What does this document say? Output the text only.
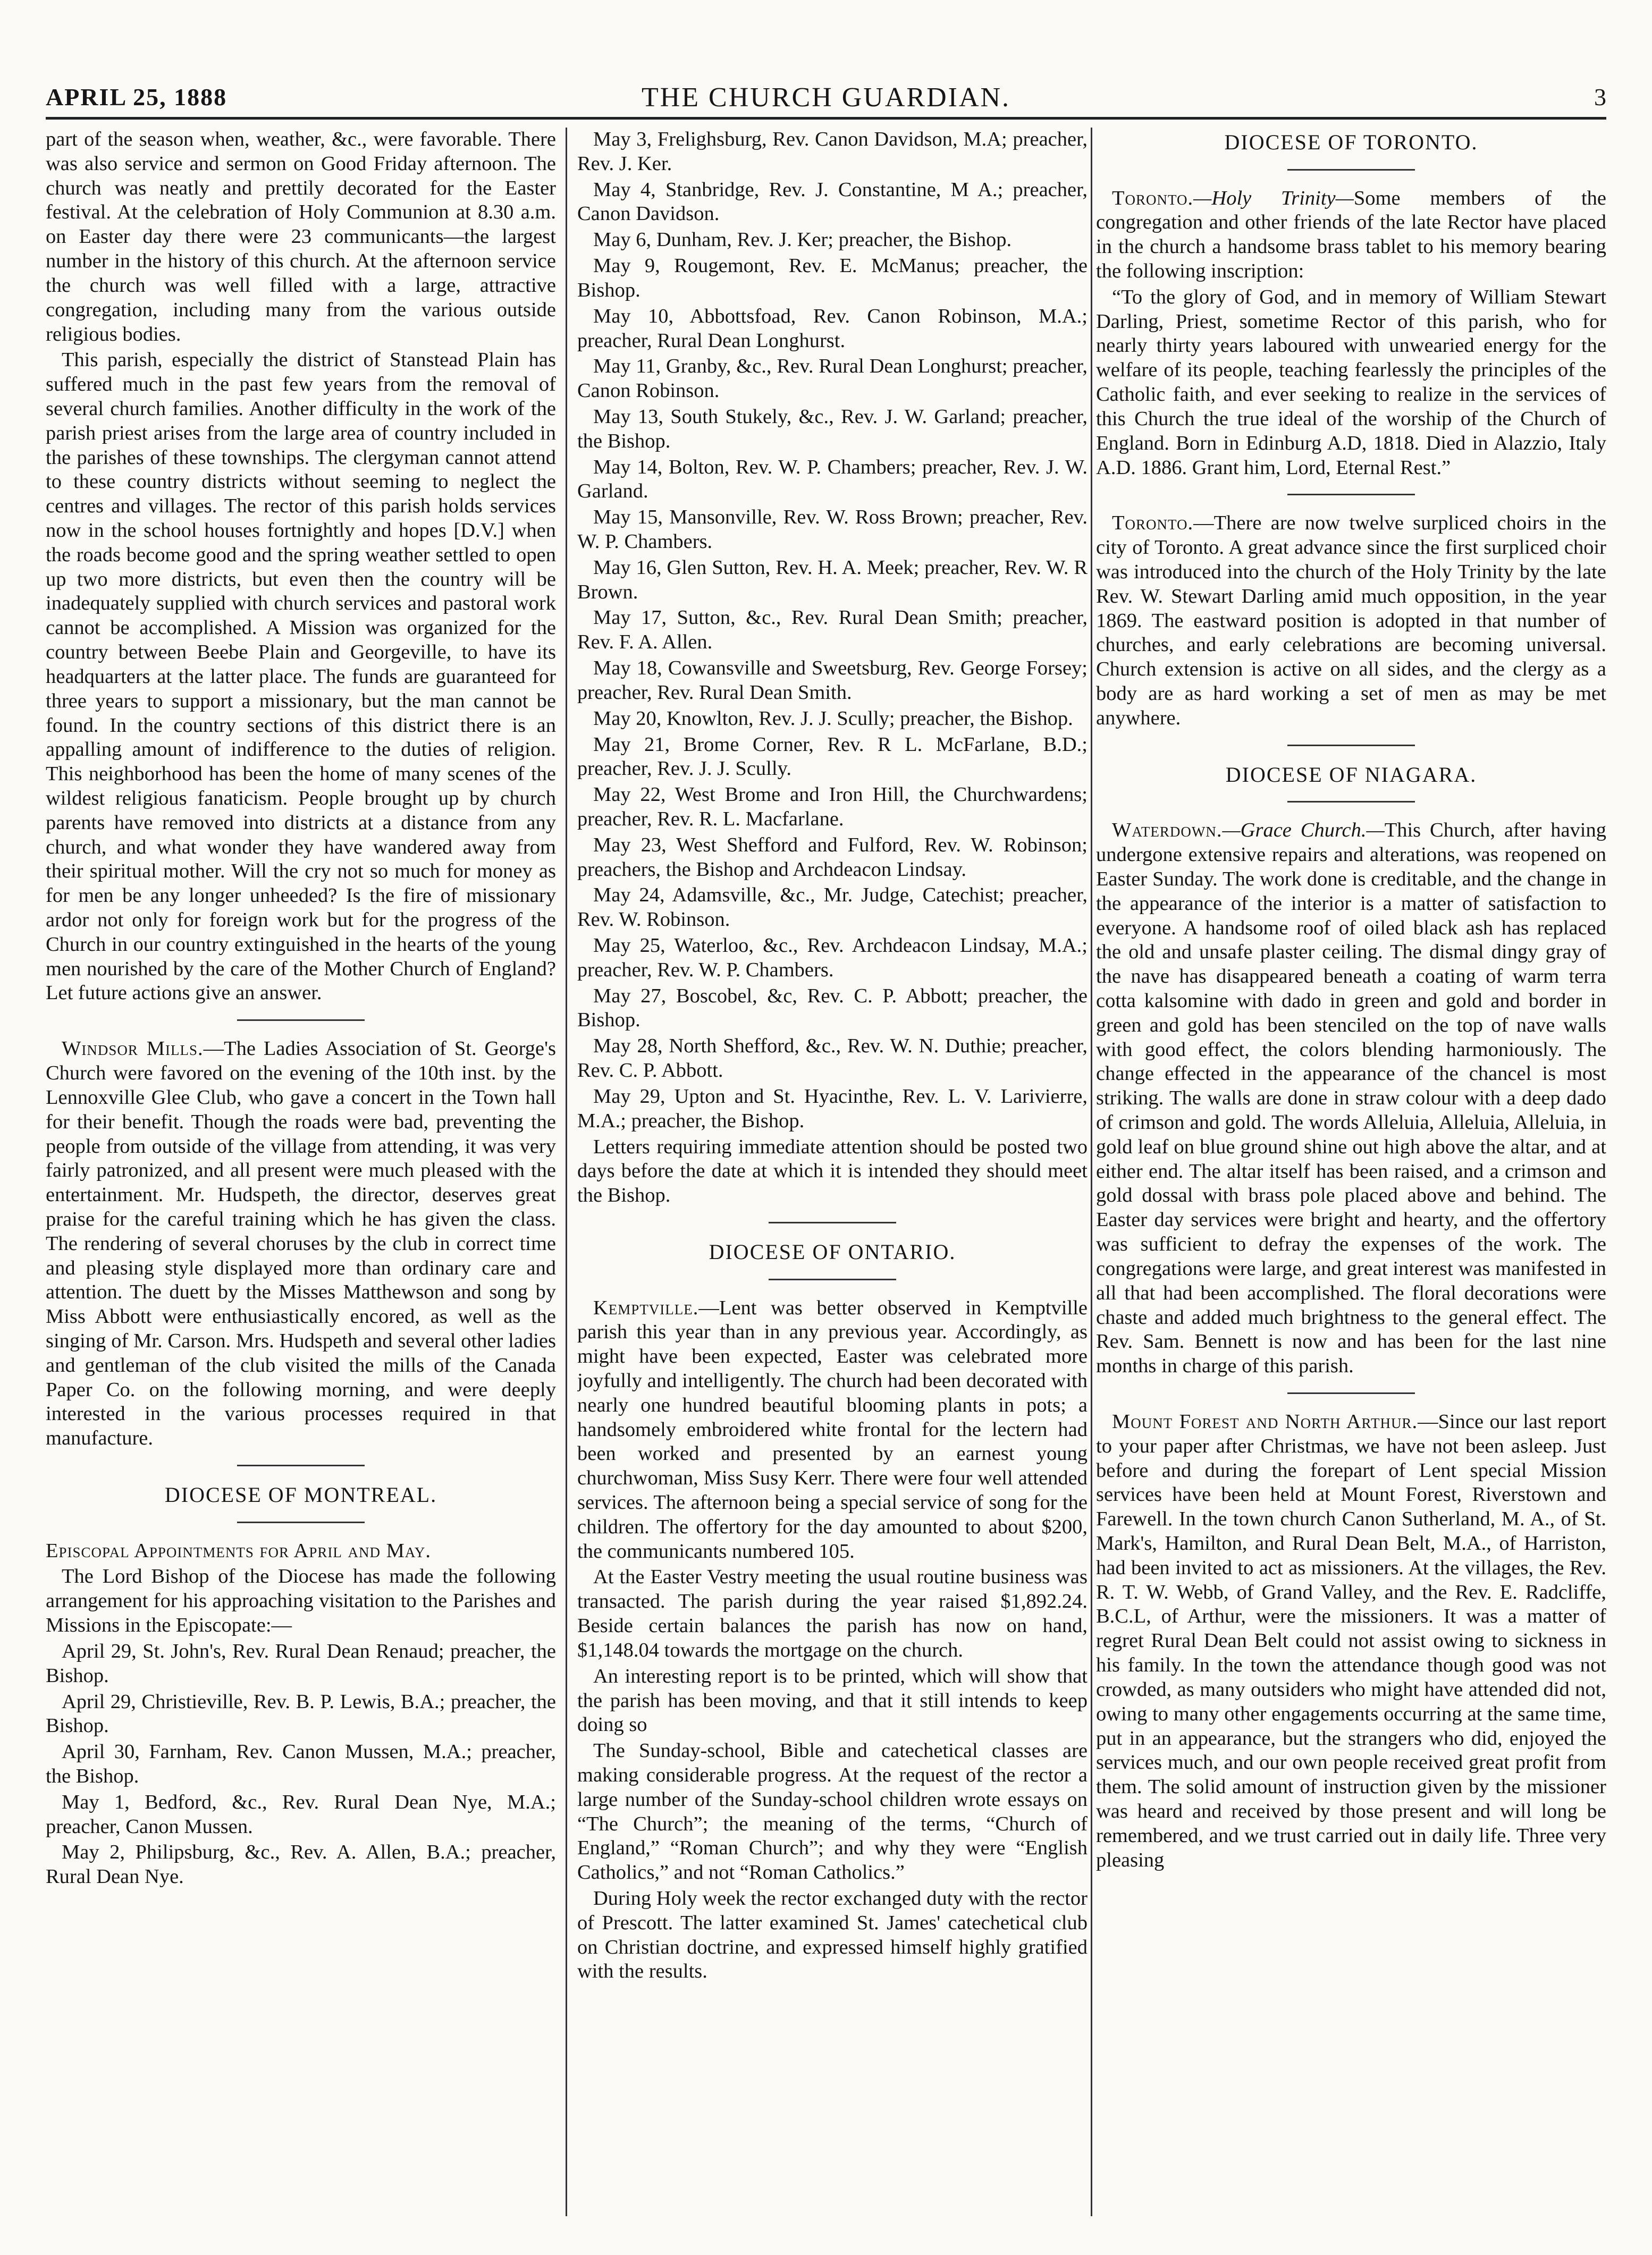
APRIL 25, 1888	THE CHURCH GUARDIAN.	3

part of the season when, weather, &c., were favorable. There was also service and sermon on Good Friday afternoon. The church was neatly and prettily decorated for the Easter festival. At the celebration of Holy Communion at 8.30 a.m. on Easter day there were 23 communicants—the largest number in the history of this church. At the afternoon service the church was well filled with a large, attractive congregation, including many from the various outside religious bodies.

This parish, especially the district of Stanstead Plain has suffered much in the past few years from the removal of several church families. Another difficulty in the work of the parish priest arises from the large area of country included in the parishes of these townships. The clergyman cannot attend to these country districts without seeming to neglect the centres and villages. The rector of this parish holds services now in the school houses fortnightly and hopes [D.V.] when the roads become good and the spring weather settled to open up two more districts, but even then the country will be inadequately supplied with church services and pastoral work cannot be accomplished. A Mission was organized for the country between Beebe Plain and Georgeville, to have its headquarters at the latter place. The funds are guaranteed for three years to support a missionary, but the man cannot be found. In the country sections of this district there is an appalling amount of indifference to the duties of religion. This neighborhood has been the home of many scenes of the wildest religious fanaticism. People brought up by church parents have removed into districts at a distance from any church, and what wonder they have wandered away from their spiritual mother. Will the cry not so much for money as for men be any longer unheeded? Is the fire of missionary ardor not only for foreign work but for the progress of the Church in our country extinguished in the hearts of the young men nourished by the care of the Mother Church of England? Let future actions give an answer.

Windsor Mills.—The Ladies Association of St. George's Church were favored on the evening of the 10th inst. by the Lennoxville Glee Club, who gave a concert in the Town hall for their benefit. Though the roads were bad, preventing the people from outside of the village from attending, it was very fairly patronized, and all present were much pleased with the entertainment. Mr. Hudspeth, the director, deserves great praise for the careful training which he has given the class. The rendering of several choruses by the club in correct time and pleasing style displayed more than ordinary care and attention. The duett by the Misses Matthewson and song by Miss Abbott were enthusiastically encored, as well as the singing of Mr. Carson. Mrs. Hudspeth and several other ladies and gentleman of the club visited the mills of the Canada Paper Co. on the following morning, and were deeply interested in the various processes required in that manufacture.

DIOCESE OF MONTREAL.

Episcopal Appointments for April and May.

The Lord Bishop of the Diocese has made the following arrangement for his approaching visitation to the Parishes and Missions in the Episcopate:—

April 29, St. John's, Rev. Rural Dean Renaud; preacher, the Bishop.

April 29, Christieville, Rev. B. P. Lewis, B.A.; preacher, the Bishop.

April 30, Farnham, Rev. Canon Mussen, M.A.; preacher, the Bishop.

May 1, Bedford, &c., Rev. Rural Dean Nye, M.A.; preacher, Canon Mussen.

May 2, Philipsburg, &c., Rev. A. Allen, B.A.; preacher, Rural Dean Nye.

May 3, Frelighsburg, Rev. Canon Davidson, M.A; preacher, Rev. J. Ker.

May 4, Stanbridge, Rev. J. Constantine, M A.; preacher, Canon Davidson.

May 6, Dunham, Rev. J. Ker; preacher, the Bishop.

May 9, Rougemont, Rev. E. McManus; preacher, the Bishop.

May 10, Abbottsfoad, Rev. Canon Robinson, M.A.; preacher, Rural Dean Longhurst.

May 11, Granby, &c., Rev. Rural Dean Longhurst; preacher, Canon Robinson.

May 13, South Stukely, &c., Rev. J. W. Garland; preacher, the Bishop.

May 14, Bolton, Rev. W. P. Chambers; preacher, Rev. J. W. Garland.

May 15, Mansonville, Rev. W. Ross Brown; preacher, Rev. W. P. Chambers.

May 16, Glen Sutton, Rev. H. A. Meek; preacher, Rev. W. R Brown.

May 17, Sutton, &c., Rev. Rural Dean Smith; preacher, Rev. F. A. Allen.

May 18, Cowansville and Sweetsburg, Rev. George Forsey; preacher, Rev. Rural Dean Smith.

May 20, Knowlton, Rev. J. J. Scully; preacher, the Bishop.

May 21, Brome Corner, Rev. R L. McFarlane, B.D.; preacher, Rev. J. J. Scully.

May 22, West Brome and Iron Hill, the Churchwardens; preacher, Rev. R. L. Macfarlane.

May 23, West Shefford and Fulford, Rev. W. Robinson; preachers, the Bishop and Archdeacon Lindsay.

May 24, Adamsville, &c., Mr. Judge, Catechist; preacher, Rev. W. Robinson.

May 25, Waterloo, &c., Rev. Archdeacon Lindsay, M.A.; preacher, Rev. W. P. Chambers.

May 27, Boscobel, &c, Rev. C. P. Abbott; preacher, the Bishop.

May 28, North Shefford, &c., Rev. W. N. Duthie; preacher, Rev. C. P. Abbott.

May 29, Upton and St. Hyacinthe, Rev. L. V. Larivierre, M.A.; preacher, the Bishop.

Letters requiring immediate attention should be posted two days before the date at which it is intended they should meet the Bishop.

DIOCESE OF ONTARIO.

Kemptville.—Lent was better observed in Kemptville parish this year than in any previous year. Accordingly, as might have been expected, Easter was celebrated more joyfully and intelligently. The church had been decorated with nearly one hundred beautiful blooming plants in pots; a handsomely embroidered white frontal for the lectern had been worked and presented by an earnest young churchwoman, Miss Susy Kerr. There were four well attended services. The afternoon being a special service of song for the children. The offertory for the day amounted to about $200, the communicants numbered 105.

At the Easter Vestry meeting the usual routine business was transacted. The parish during the year raised $1,892.24. Beside certain balances the parish has now on hand, $1,148.04 towards the mortgage on the church.

An interesting report is to be printed, which will show that the parish has been moving, and that it still intends to keep doing so

The Sunday-school, Bible and catechetical classes are making considerable progress. At the request of the rector a large number of the Sunday-school children wrote essays on “The Church”; the meaning of the terms, “Church of England,” “Roman Church”; and why they were “English Catholics,” and not “Roman Catholics.”

During Holy week the rector exchanged duty with the rector of Prescott. The latter examined St. James' catechetical club on Christian doctrine, and expressed himself highly gratified with the results.

DIOCESE OF TORONTO.

Toronto.—Holy Trinity—Some members of the congregation and other friends of the late Rector have placed in the church a handsome brass tablet to his memory bearing the following inscription:

“To the glory of God, and in memory of William Stewart Darling, Priest, sometime Rector of this parish, who for nearly thirty years laboured with unwearied energy for the welfare of its people, teaching fearlessly the principles of the Catholic faith, and ever seeking to realize in the services of this Church the true ideal of the worship of the Church of England. Born in Edinburg A.D, 1818. Died in Alazzio, Italy A.D. 1886. Grant him, Lord, Eternal Rest.”

Toronto.—There are now twelve surpliced choirs in the city of Toronto. A great advance since the first surpliced choir was introduced into the church of the Holy Trinity by the late Rev. W. Stewart Darling amid much opposition, in the year 1869. The eastward position is adopted in that number of churches, and early celebrations are becoming universal. Church extension is active on all sides, and the clergy as a body are as hard working a set of men as may be met anywhere.

DIOCESE OF NIAGARA.

Waterdown.—Grace Church.—This Church, after having undergone extensive repairs and alterations, was reopened on Easter Sunday. The work done is creditable, and the change in the appearance of the interior is a matter of satisfaction to everyone. A handsome roof of oiled black ash has replaced the old and unsafe plaster ceiling. The dismal dingy gray of the nave has disappeared beneath a coating of warm terra cotta kalsomine with dado in green and gold and border in green and gold has been stenciled on the top of nave walls with good effect, the colors blending harmoniously. The change effected in the appearance of the chancel is most striking. The walls are done in straw colour with a deep dado of crimson and gold. The words Alleluia, Alleluia, Alleluia, in gold leaf on blue ground shine out high above the altar, and at either end. The altar itself has been raised, and a crimson and gold dossal with brass pole placed above and behind. The Easter day services were bright and hearty, and the offertory was sufficient to defray the expenses of the work. The congregations were large, and great interest was manifested in all that had been accomplished. The floral decorations were chaste and added much brightness to the general effect. The Rev. Sam. Bennett is now and has been for the last nine months in charge of this parish.

Mount Forest and North Arthur.—Since our last report to your paper after Christmas, we have not been asleep. Just before and during the forepart of Lent special Mission services have been held at Mount Forest, Riverstown and Farewell. In the town church Canon Sutherland, M. A., of St. Mark's, Hamilton, and Rural Dean Belt, M.A., of Harriston, had been invited to act as missioners. At the villages, the Rev. R. T. W. Webb, of Grand Valley, and the Rev. E. Radcliffe, B.C.L, of Arthur, were the missioners. It was a matter of regret Rural Dean Belt could not assist owing to sickness in his family. In the town the attendance though good was not crowded, as many outsiders who might have attended did not, owing to many other engagements occurring at the same time, put in an appearance, but the strangers who did, enjoyed the services much, and our own people received great profit from them. The solid amount of instruction given by the missioner was heard and received by those present and will long be remembered, and we trust carried out in daily life. Three very pleasing
